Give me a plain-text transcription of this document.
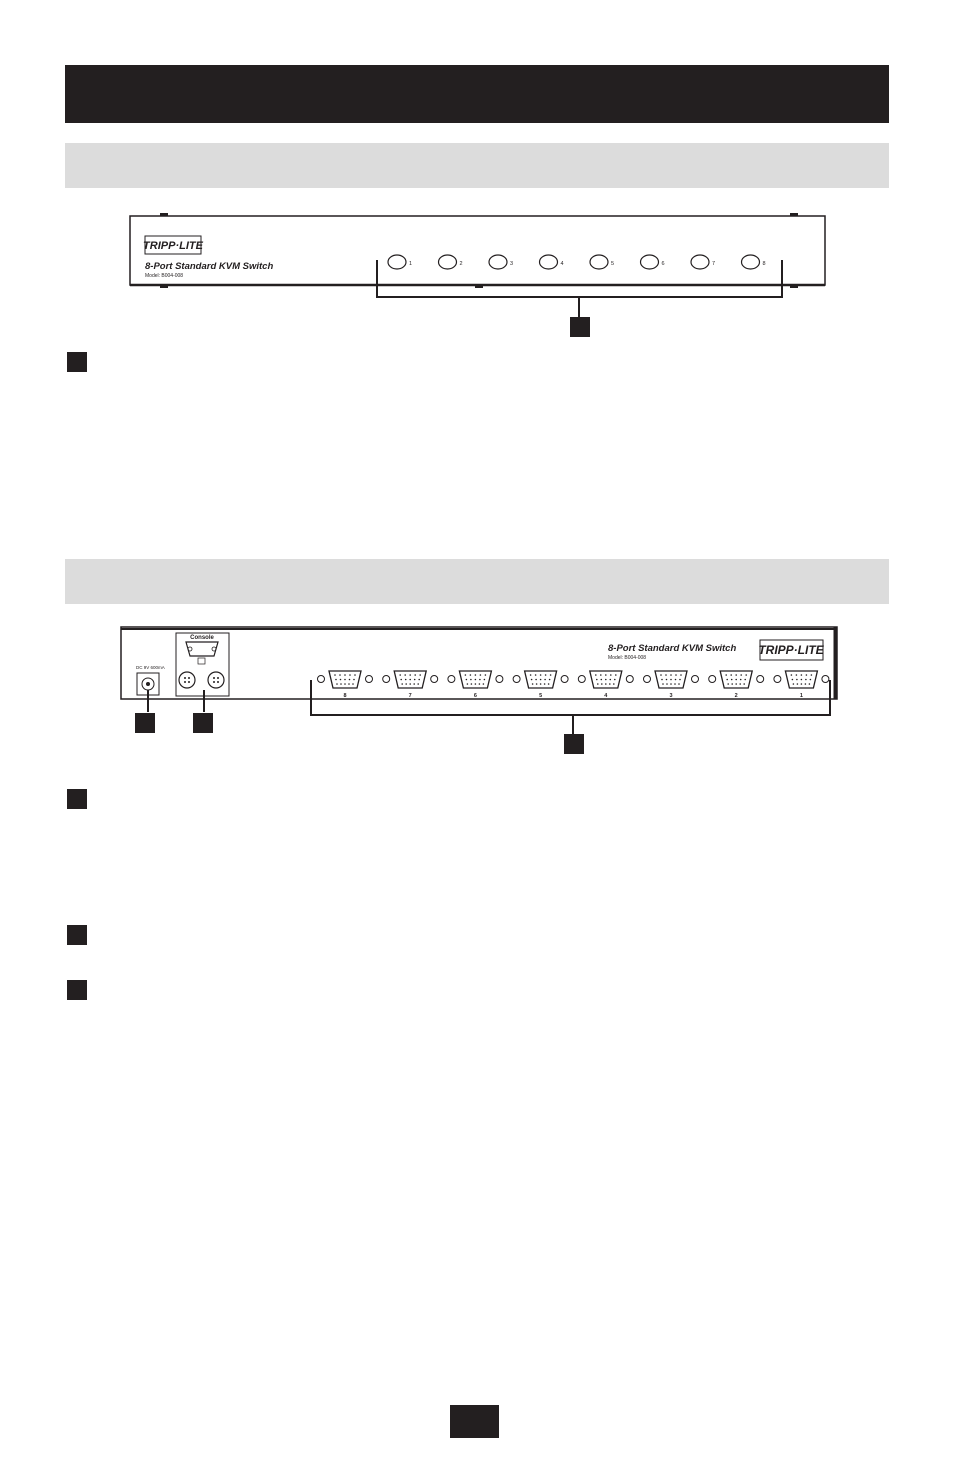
TRIPP·LITE
8-Port Standard KVM Switch
Model: B004-008
1	2	3	4	5	6	7	8
DC 9V 600mA
Console
8-Port Standard KVM Switch
Model: B004-008
TRIPP·LITE
8	7	6	5	4	3	2	1
